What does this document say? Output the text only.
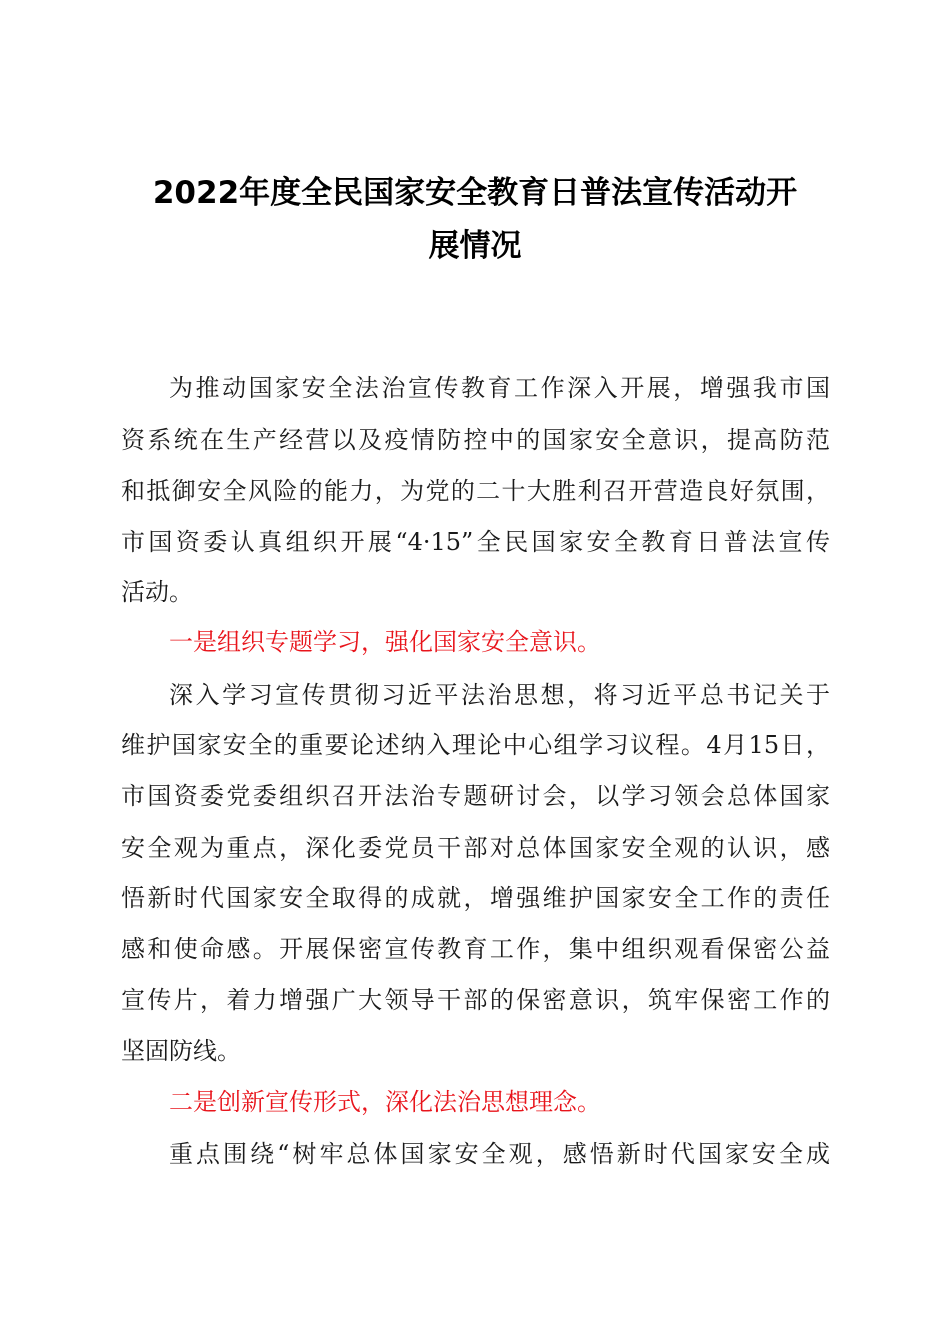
2022年度全民国家安全教育日普法宣传活动开
展情况
为推动国家安全法治宣传教育工作深入开展，增强我市国
资系统在生产经营以及疫情防控中的国家安全意识，提高防范
和抵御安全风险的能力，为党的二十大胜利召开营造良好氛围，
市国资委认真组织开展“4·15”全民国家安全教育日普法宣传
活动。
一是组织专题学习，强化国家安全意识。
深入学习宣传贯彻习近平法治思想，将习近平总书记关于
维护国家安全的重要论述纳入理论中心组学习议程。4月15日，
市国资委党委组织召开法治专题研讨会，以学习领会总体国家
安全观为重点，深化委党员干部对总体国家安全观的认识，感
悟新时代国家安全取得的成就，增强维护国家安全工作的责任
感和使命感。开展保密宣传教育工作，集中组织观看保密公益
宣传片，着力增强广大领导干部的保密意识，筑牢保密工作的
坚固防线。
二是创新宣传形式，深化法治思想理念。
重点围绕“树牢总体国家安全观，感悟新时代国家安全成
